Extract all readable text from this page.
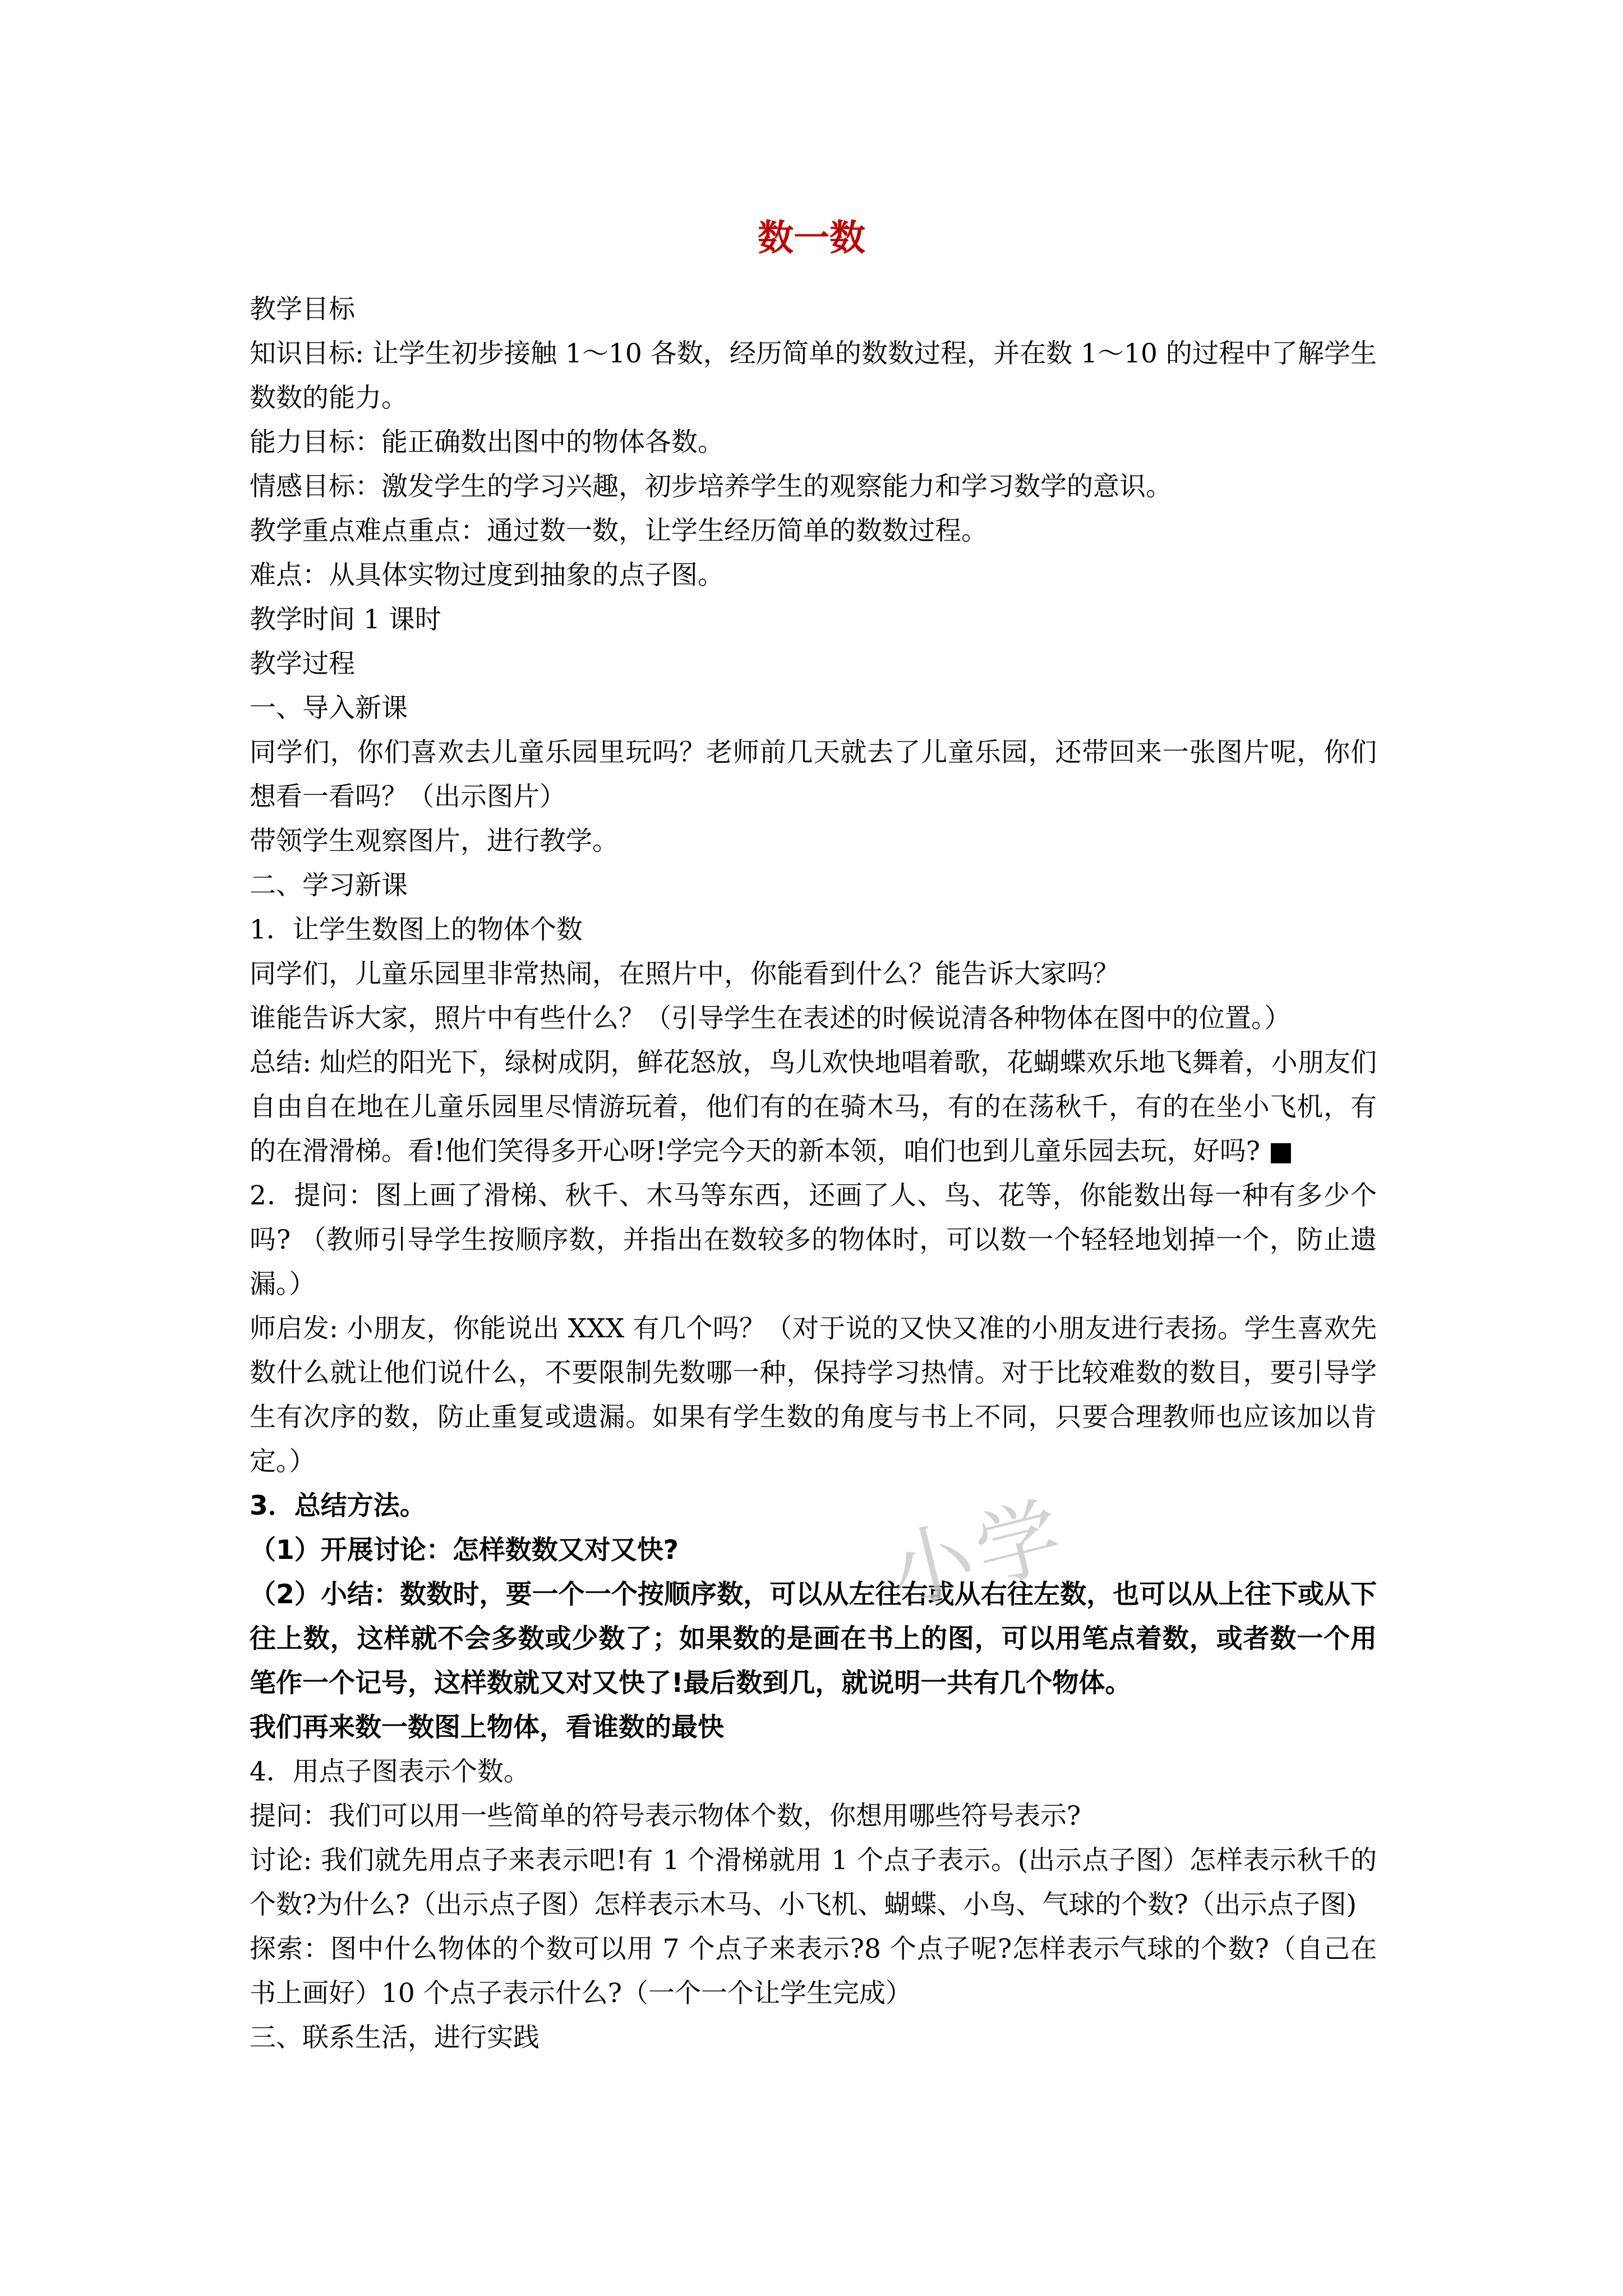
数一数

教学目标

知识目标: 让学生初步接触 1～10 各数，经历简单的数数过程，并在数 1～10 的过程中了解学生数数的能力。

能力目标：能正确数出图中的物体各数。

情感目标：激发学生的学习兴趣，初步培养学生的观察能力和学习数学的意识。

教学重点难点重点：通过数一数，让学生经历简单的数数过程。

难点：从具体实物过度到抽象的点子图。

教学时间 1 课时

教学过程

一、导入新课

同学们，你们喜欢去儿童乐园里玩吗？老师前几天就去了儿童乐园，还带回来一张图片呢，你们想看一看吗？（出示图片）

带领学生观察图片，进行教学。

二、学习新课

1．让学生数图上的物体个数

同学们，儿童乐园里非常热闹，在照片中，你能看到什么？能告诉大家吗？

谁能告诉大家，照片中有些什么？（引导学生在表述的时候说清各种物体在图中的位置。）

总结: 灿烂的阳光下，绿树成阴，鲜花怒放，鸟儿欢快地唱着歌，花蝴蝶欢乐地飞舞着，小朋友们自由自在地在儿童乐园里尽情游玩着，他们有的在骑木马，有的在荡秋千，有的在坐小飞机，有的在滑滑梯。看!他们笑得多开心呀!学完今天的新本领，咱们也到儿童乐园去玩，好吗? ■

2．提问：图上画了滑梯、秋千、木马等东西，还画了人、鸟、花等，你能数出每一种有多少个吗? （教师引导学生按顺序数，并指出在数较多的物体时，可以数一个轻轻地划掉一个，防止遗漏。）

师启发: 小朋友，你能说出 XXX 有几个吗？（对于说的又快又准的小朋友进行表扬。学生喜欢先数什么就让他们说什么，不要限制先数哪一种，保持学习热情。对于比较难数的数目，要引导学生有次序的数，防止重复或遗漏。如果有学生数的角度与书上不同，只要合理教师也应该加以肯定。）

3．总结方法。

（1）开展讨论：怎样数数又对又快?

（2）小结：数数时，要一个一个按顺序数，可以从左往右或从右往左数，也可以从上往下或从下往上数，这样就不会多数或少数了；如果数的是画在书上的图，可以用笔点着数，或者数一个用笔作一个记号，这样数就又对又快了!最后数到几，就说明一共有几个物体。

我们再来数一数图上物体，看谁数的最快

4．用点子图表示个数。

提问：我们可以用一些简单的符号表示物体个数，你想用哪些符号表示?

讨论: 我们就先用点子来表示吧!有 1 个滑梯就用 1 个点子表示。(出示点子图）怎样表示秋千的个数?为什么?（出示点子图）怎样表示木马、小飞机、蝴蝶、小鸟、气球的个数?（出示点子图)

探索：图中什么物体的个数可以用 7 个点子来表示?8 个点子呢?怎样表示气球的个数?（自己在书上画好）10 个点子表示什么?（一个一个让学生完成）

三、联系生活，进行实践

小学
